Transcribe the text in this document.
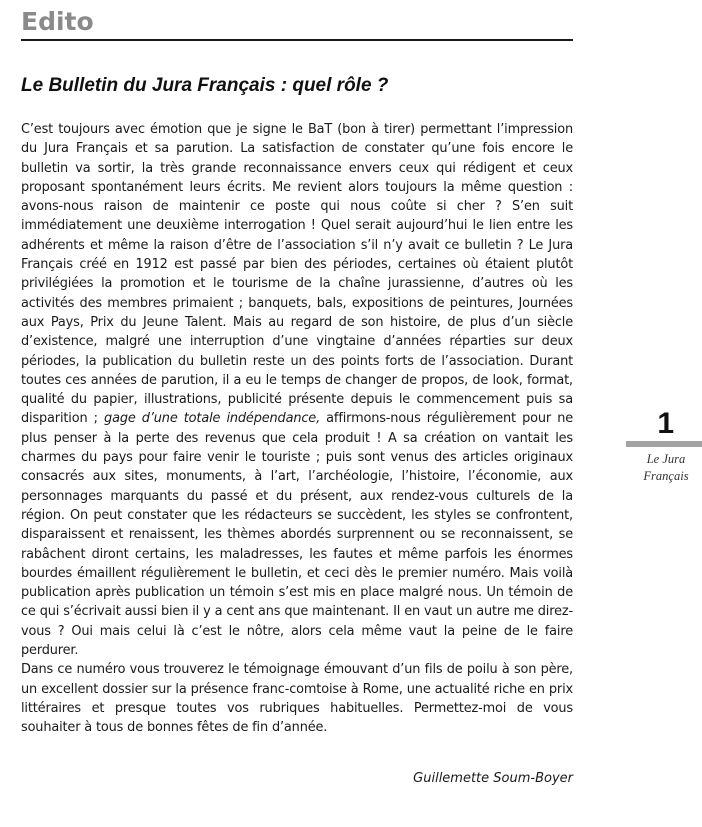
Edito
Le Bulletin du Jura Français : quel rôle ?

C’est toujours avec émotion que je signe le BaT (bon à tirer) permettant l’impression du Jura Français et sa parution. La satisfaction de constater qu’une fois encore le bulletin va sortir, la très grande reconnaissance envers ceux qui rédigent et ceux proposant spontanément leurs écrits. Me revient alors toujours la même question : avons-nous raison de maintenir ce poste qui nous coûte si cher ? S’en suit immédiatement une deuxième interrogation ! Quel serait aujourd’hui le lien entre les adhérents et même la raison d’être de l’association s’il n’y avait ce bulletin ? Le Jura Français créé en 1912 est passé par bien des périodes, certaines où étaient plutôt privilégiées la promotion et le tourisme de la chaîne jurassienne, d’autres où les activités des membres primaient ; banquets, bals, expositions de peintures, Journées aux Pays, Prix du Jeune Talent. Mais au regard de son histoire, de plus d’un siècle d’existence, malgré une interruption d’une vingtaine d’années réparties sur deux périodes, la publication du bulletin reste un des points forts de l’association. Durant toutes ces années de parution, il a eu le temps de changer de propos, de look, format, qualité du papier, illustrations, publicité présente depuis le commencement puis sa disparition ; gage d’une totale indépendance, affirmons-nous régulièrement pour ne plus penser à la perte des revenus que cela produit ! A sa création on vantait les charmes du pays pour faire venir le touriste ; puis sont venus des articles originaux consacrés aux sites, monuments, à l’art, l’archéologie, l’histoire, l’économie, aux personnages marquants du passé et du présent, aux rendez-vous culturels de la région. On peut constater que les rédacteurs se succèdent, les styles se confrontent, disparaissent et renaissent, les thèmes abordés surprennent ou se reconnaissent, se rabâchent diront certains, les maladresses, les fautes et même parfois les énormes bourdes émaillent régulièrement le bulletin, et ceci dès le premier numéro. Mais voilà publication après publication un témoin s’est mis en place malgré nous. Un témoin de ce qui s’écrivait aussi bien il y a cent ans que maintenant. Il en vaut un autre me direz-vous ? Oui mais celui là c’est le nôtre, alors cela même vaut la peine de le faire perdurer.

Dans ce numéro vous trouverez le témoignage émouvant d’un fils de poilu à son père, un excellent dossier sur la présence franc-comtoise à Rome, une actualité riche en prix littéraires et presque toutes vos rubriques habituelles. Permettez-moi de vous souhaiter à tous de bonnes fêtes de fin d’année.

Guillemette Soum-Boyer
1
Le Jura
Français
